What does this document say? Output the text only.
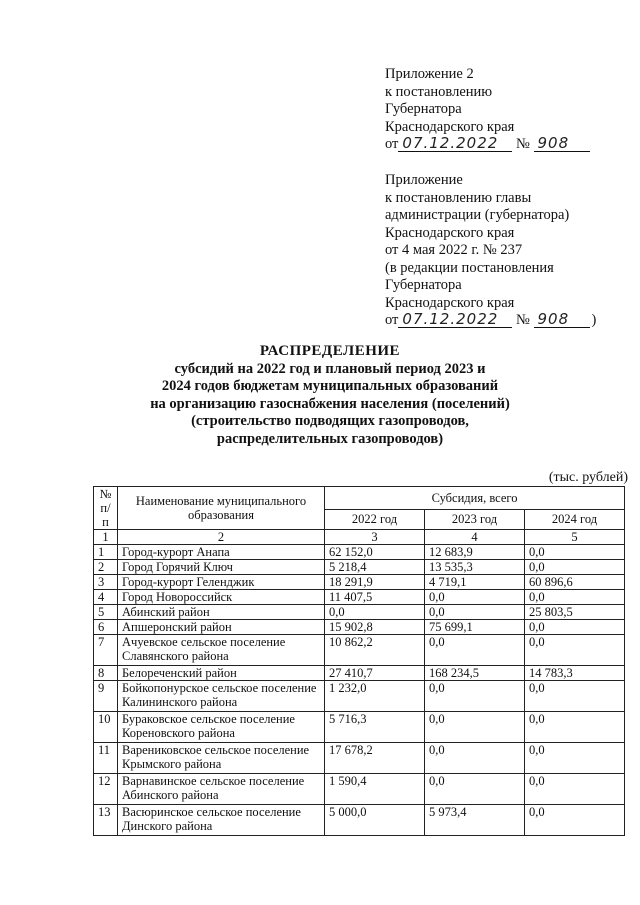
Приложение 2
к постановлению
Губернатора
Краснодарского края
от 07.12.2022 № 908
Приложение
к постановлению главы
администрации (губернатора)
Краснодарского края
от 4 мая 2022 г. № 237
(в редакции постановления
Губернатора
Краснодарского края
от 07.12.2022 № 908 )
РАСПРЕДЕЛЕНИЕ
субсидий на 2022 год и плановый период 2023 и
2024 годов бюджетам муниципальных образований
на организацию газоснабжения населения (поселений)
(строительство подводящих газопроводов,
распределительных газопроводов)
(тыс. рублей)
№ п/п	Наименование муниципального образования	Субсидия, всего		
		2022 год	2023 год	2024 год
1	2	3	4	5
1	Город-курорт Анапа	62 152,0	12 683,9	0,0
2	Город Горячий Ключ	5 218,4	13 535,3	0,0
3	Город-курорт Геленджик	18 291,9	4 719,1	60 896,6
4	Город Новороссийск	11 407,5	0,0	0,0
5	Абинский район	0,0	0,0	25 803,5
6	Апшеронский район	15 902,8	75 699,1	0,0
7	Ачуевское сельское поселение Славянского района	10 862,2	0,0	0,0
8	Белореченский район	27 410,7	168 234,5	14 783,3
9	Бойкопонурское сельское поселение Калининского района	1 232,0	0,0	0,0
10	Бураковское сельское поселение Кореновского района	5 716,3	0,0	0,0
11	Варениковское сельское поселение Крымского района	17 678,2	0,0	0,0
12	Варнавинское сельское поселение Абинского района	1 590,4	0,0	0,0
13	Васюринское сельское поселение Динского района	5 000,0	5 973,4	0,0
